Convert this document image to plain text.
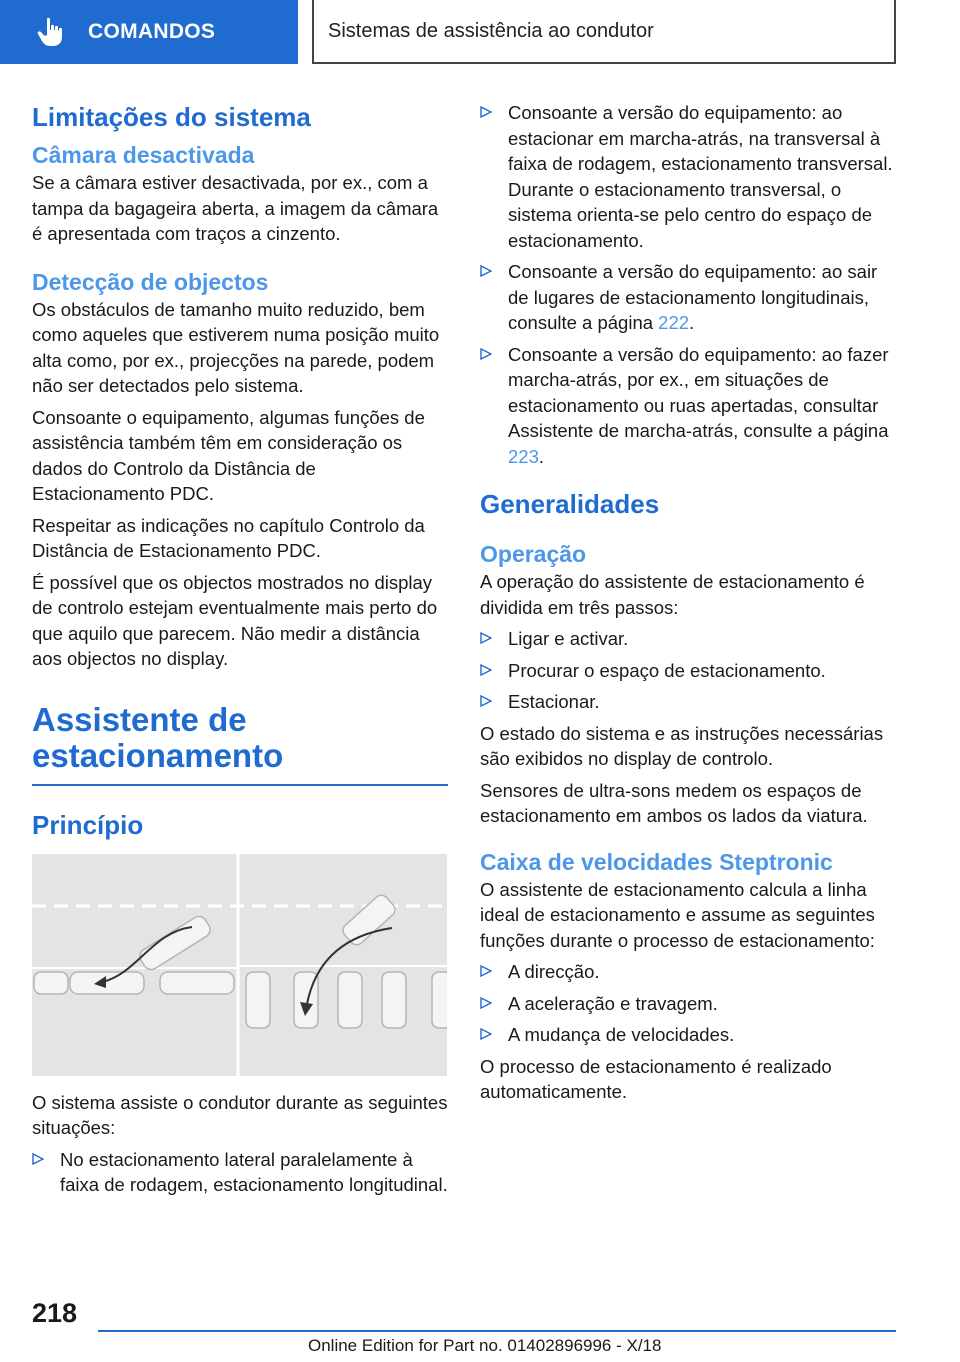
COMANDOS	Sistemas de assistência ao condutor
Limitações do sistema
Câmara desactivada

Se a câmara estiver desactivada, por ex., com a tampa da bagageira aberta, a imagem da câmara é apresentada com traços a cinzento.

Detecção de objectos

Os obstáculos de tamanho muito reduzido, bem como aqueles que estiverem numa posição muito alta como, por ex., projecções na parede, podem não ser detectados pelo sistema.

Consoante o equipamento, algumas funções de assistência também têm em consideração os dados do Controlo da Distância de Estacionamento PDC.

Respeitar as indicações no capítulo Controlo da Distância de Estacionamento PDC.

É possível que os objectos mostrados no display de controlo estejam eventualmente mais perto do que aquilo que parecem. Não medir a distância aos objectos no display.

Assistente de estacionamento
Princípio

O sistema assiste o condutor durante as seguintes situações:

No estacionamento lateral paralelamente à faixa de rodagem, estacionamento longitudinal.
Consoante a versão do equipamento: ao estacionar em marcha-atrás, na transversal à faixa de rodagem, estacionamento transversal. Durante o estacionamento transversal, o sistema orienta-se pelo centro do espaço de estacionamento.
Consoante a versão do equipamento: ao sair de lugares de estacionamento longitudinais, consulte a página 222.
Consoante a versão do equipamento: ao fazer marcha-atrás, por ex., em situações de estacionamento ou ruas apertadas, consultar Assistente de marcha-atrás, consulte a página 223.
Generalidades
Operação

A operação do assistente de estacionamento é dividida em três passos:

Ligar e activar.
Procurar o espaço de estacionamento.
Estacionar.

O estado do sistema e as instruções necessárias são exibidos no display de controlo.

Sensores de ultra-sons medem os espaços de estacionamento em ambos os lados da viatura.

Caixa de velocidades Steptronic

O assistente de estacionamento calcula a linha ideal de estacionamento e assume as seguintes funções durante o processo de estacionamento:

A direcção.
A aceleração e travagem.
A mudança de velocidades.

O processo de estacionamento é realizado automaticamente.

218
Online Edition for Part no. 01402896996 - X/18
